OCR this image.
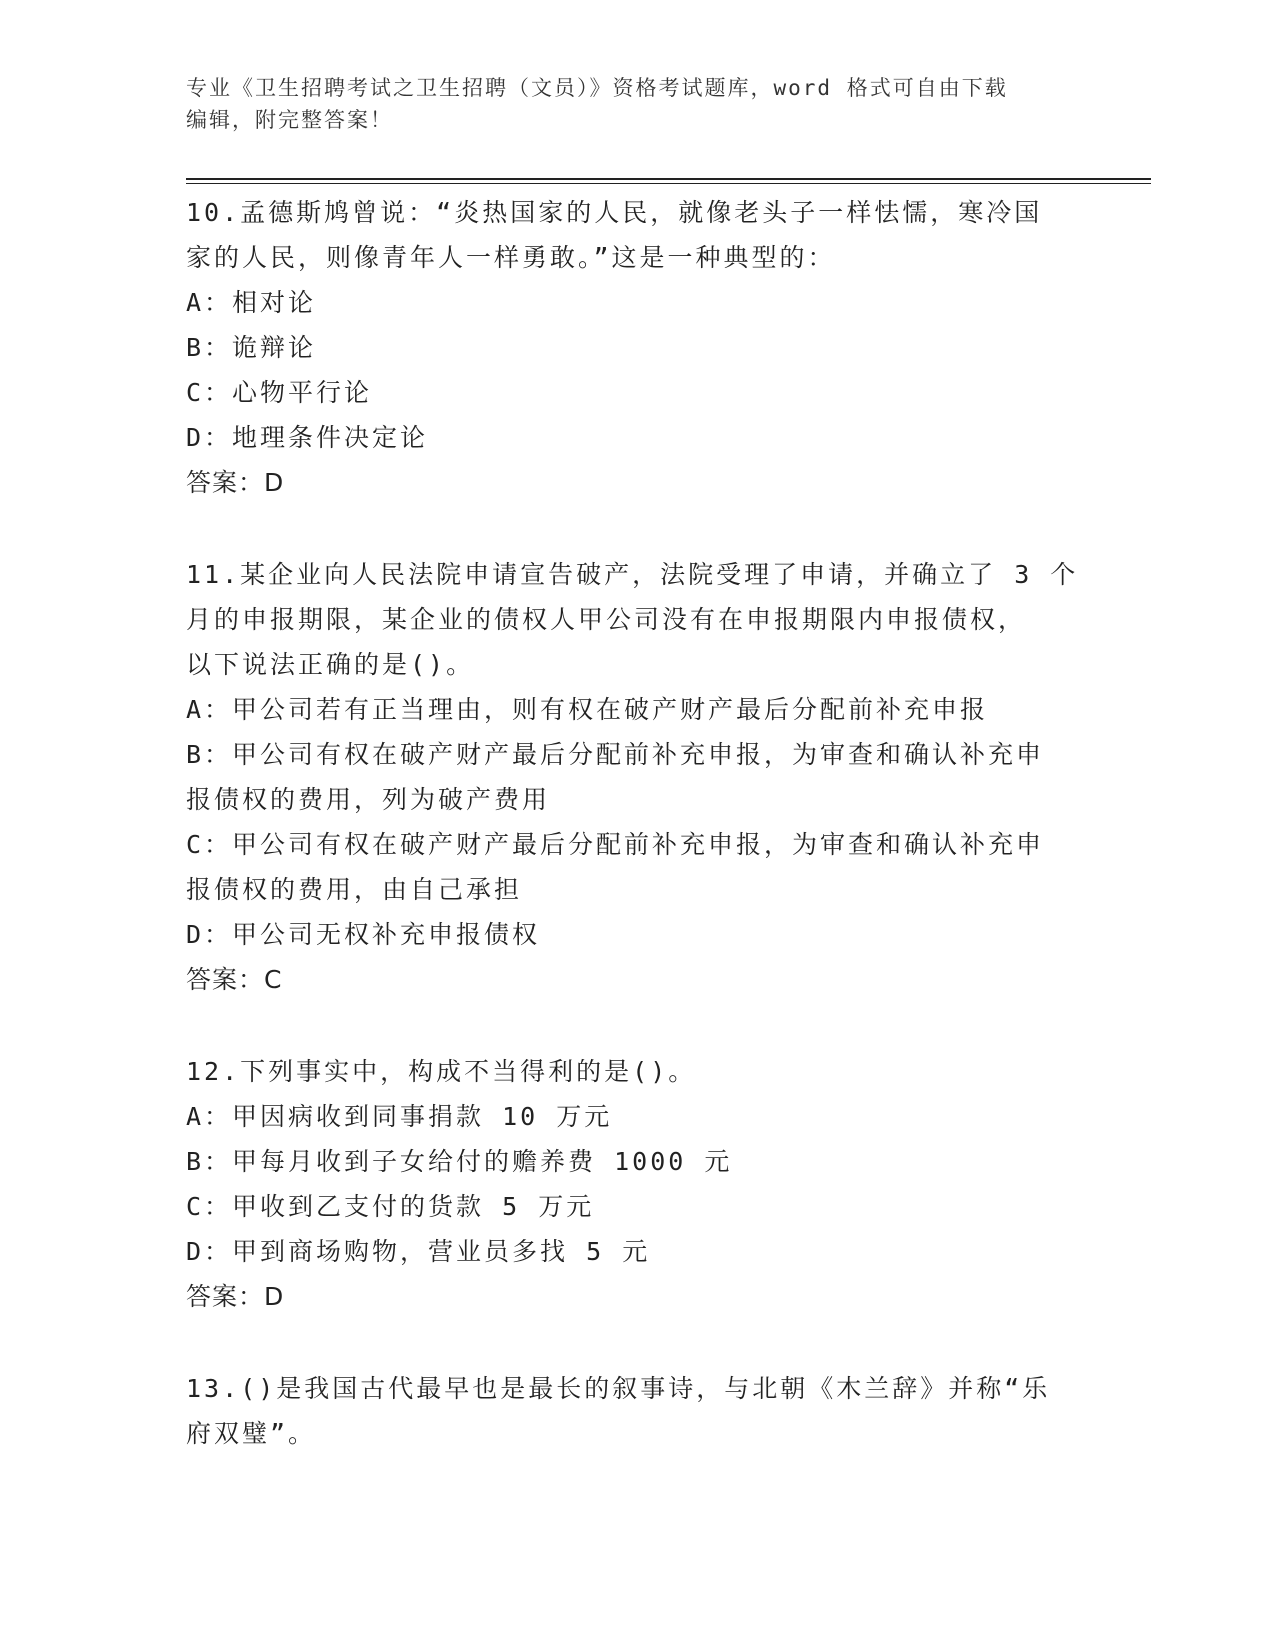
专业《卫生招聘考试之卫生招聘（文员）》资格考试题库，word 格式可自由下载
编辑，附完整答案！
10.孟德斯鸠曾说：“炎热国家的人民，就像老头子一样怯懦，寒冷国
家的人民，则像青年人一样勇敢。”这是一种典型的：
A：相对论
B：诡辩论
C：心物平行论
D：地理条件决定论
答案：D
11.某企业向人民法院申请宣告破产，法院受理了申请，并确立了 3 个
月的申报期限，某企业的债权人甲公司没有在申报期限内申报债权，
以下说法正确的是()。
A：甲公司若有正当理由，则有权在破产财产最后分配前补充申报
B：甲公司有权在破产财产最后分配前补充申报，为审查和确认补充申
报债权的费用，列为破产费用
C：甲公司有权在破产财产最后分配前补充申报，为审查和确认补充申
报债权的费用，由自己承担
D：甲公司无权补充申报债权
答案：C
12.下列事实中，构成不当得利的是()。
A：甲因病收到同事捐款 10 万元
B：甲每月收到子女给付的赡养费 1000 元
C：甲收到乙支付的货款 5 万元
D：甲到商场购物，营业员多找 5 元
答案：D
13.()是我国古代最早也是最长的叙事诗，与北朝《木兰辞》并称“乐
府双璧”。
